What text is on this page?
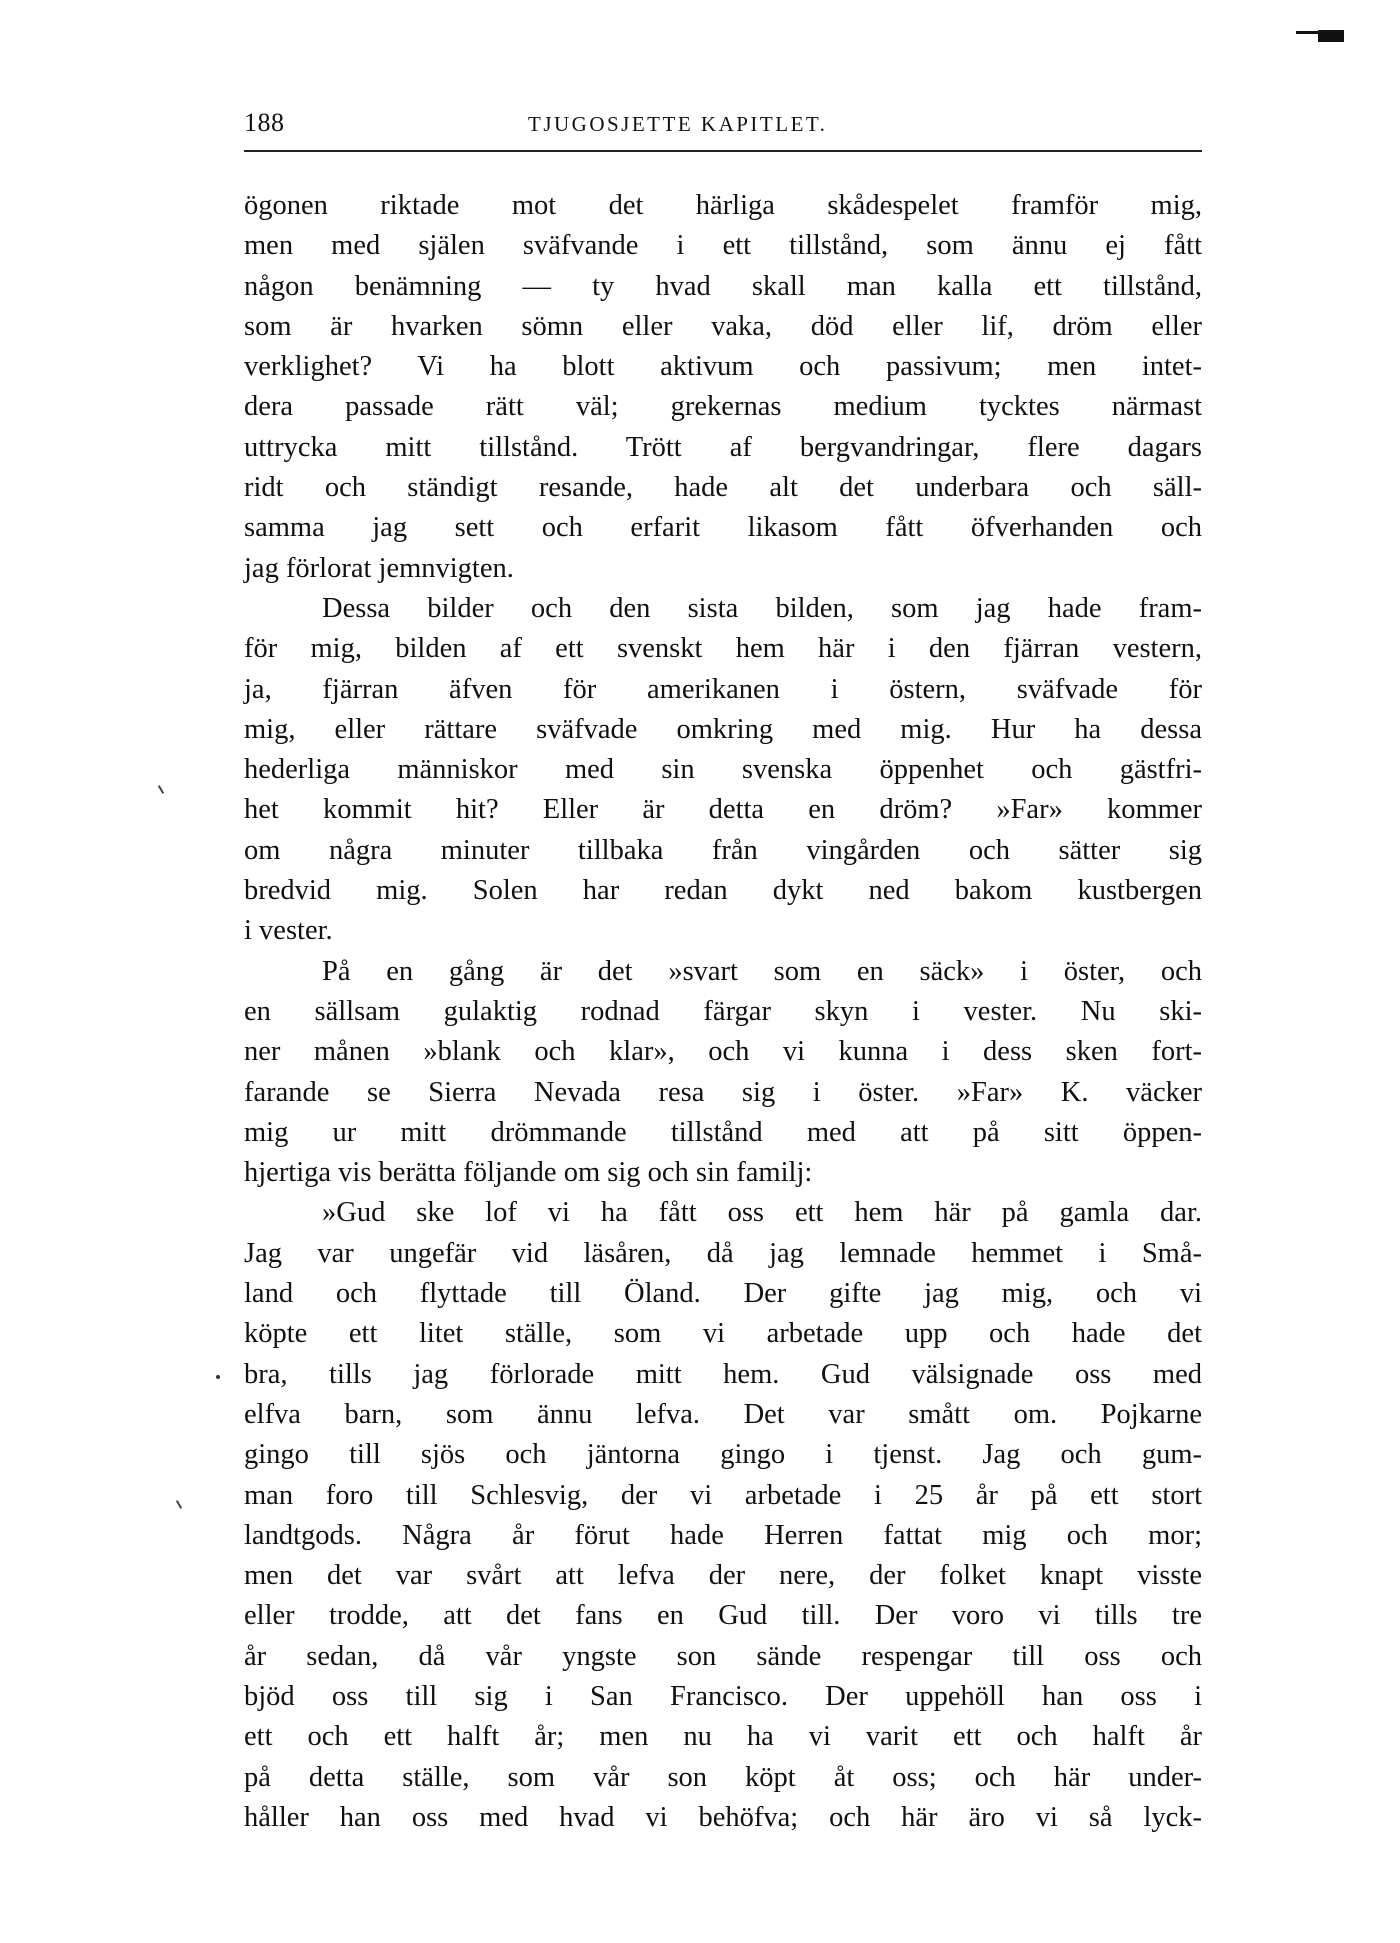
188	TJUGOSJETTE KAPITLET.
ögonen riktade mot det härliga skådespelet framför mig,
men med själen sväfvande i ett tillstånd, som ännu ej fått
någon benämning — ty hvad skall man kalla ett tillstånd,
som är hvarken sömn eller vaka, död eller lif, dröm eller
verklighet? Vi ha blott aktivum och passivum; men intet-
dera passade rätt väl; grekernas medium tycktes närmast
uttrycka mitt tillstånd. Trött af bergvandringar, flere dagars
ridt och ständigt resande, hade alt det underbara och säll-
samma jag sett och erfarit likasom fått öfverhanden och
jag förlorat jemnvigten.
Dessa bilder och den sista bilden, som jag hade fram-
för mig, bilden af ett svenskt hem här i den fjärran vestern,
ja, fjärran äfven för amerikanen i östern, sväfvade för
mig, eller rättare sväfvade omkring med mig. Hur ha dessa
hederliga människor med sin svenska öppenhet och gästfri-
het kommit hit? Eller är detta en dröm? »Far» kommer
om några minuter tillbaka från vingården och sätter sig
bredvid mig. Solen har redan dykt ned bakom kustbergen
i vester.
På en gång är det »svart som en säck» i öster, och
en sällsam gulaktig rodnad färgar skyn i vester. Nu ski-
ner månen »blank och klar», och vi kunna i dess sken fort-
farande se Sierra Nevada resa sig i öster. »Far» K. väcker
mig ur mitt drömmande tillstånd med att på sitt öppen-
hjertiga vis berätta följande om sig och sin familj:
»Gud ske lof vi ha fått oss ett hem här på gamla dar.
Jag var ungefär vid läsåren, då jag lemnade hemmet i Små-
land och flyttade till Öland. Der gifte jag mig, och vi
köpte ett litet ställe, som vi arbetade upp och hade det
bra, tills jag förlorade mitt hem. Gud välsignade oss med
elfva barn, som ännu lefva. Det var smått om. Pojkarne
gingo till sjös och jäntorna gingo i tjenst. Jag och gum-
man foro till Schlesvig, der vi arbetade i 25 år på ett stort
landtgods. Några år förut hade Herren fattat mig och mor;
men det var svårt att lefva der nere, der folket knapt visste
eller trodde, att det fans en Gud till. Der voro vi tills tre
år sedan, då vår yngste son sände respengar till oss och
bjöd oss till sig i San Francisco. Der uppehöll han oss i
ett och ett halft år; men nu ha vi varit ett och halft år
på detta ställe, som vår son köpt åt oss; och här under-
håller han oss med hvad vi behöfva; och här äro vi så lyck-
